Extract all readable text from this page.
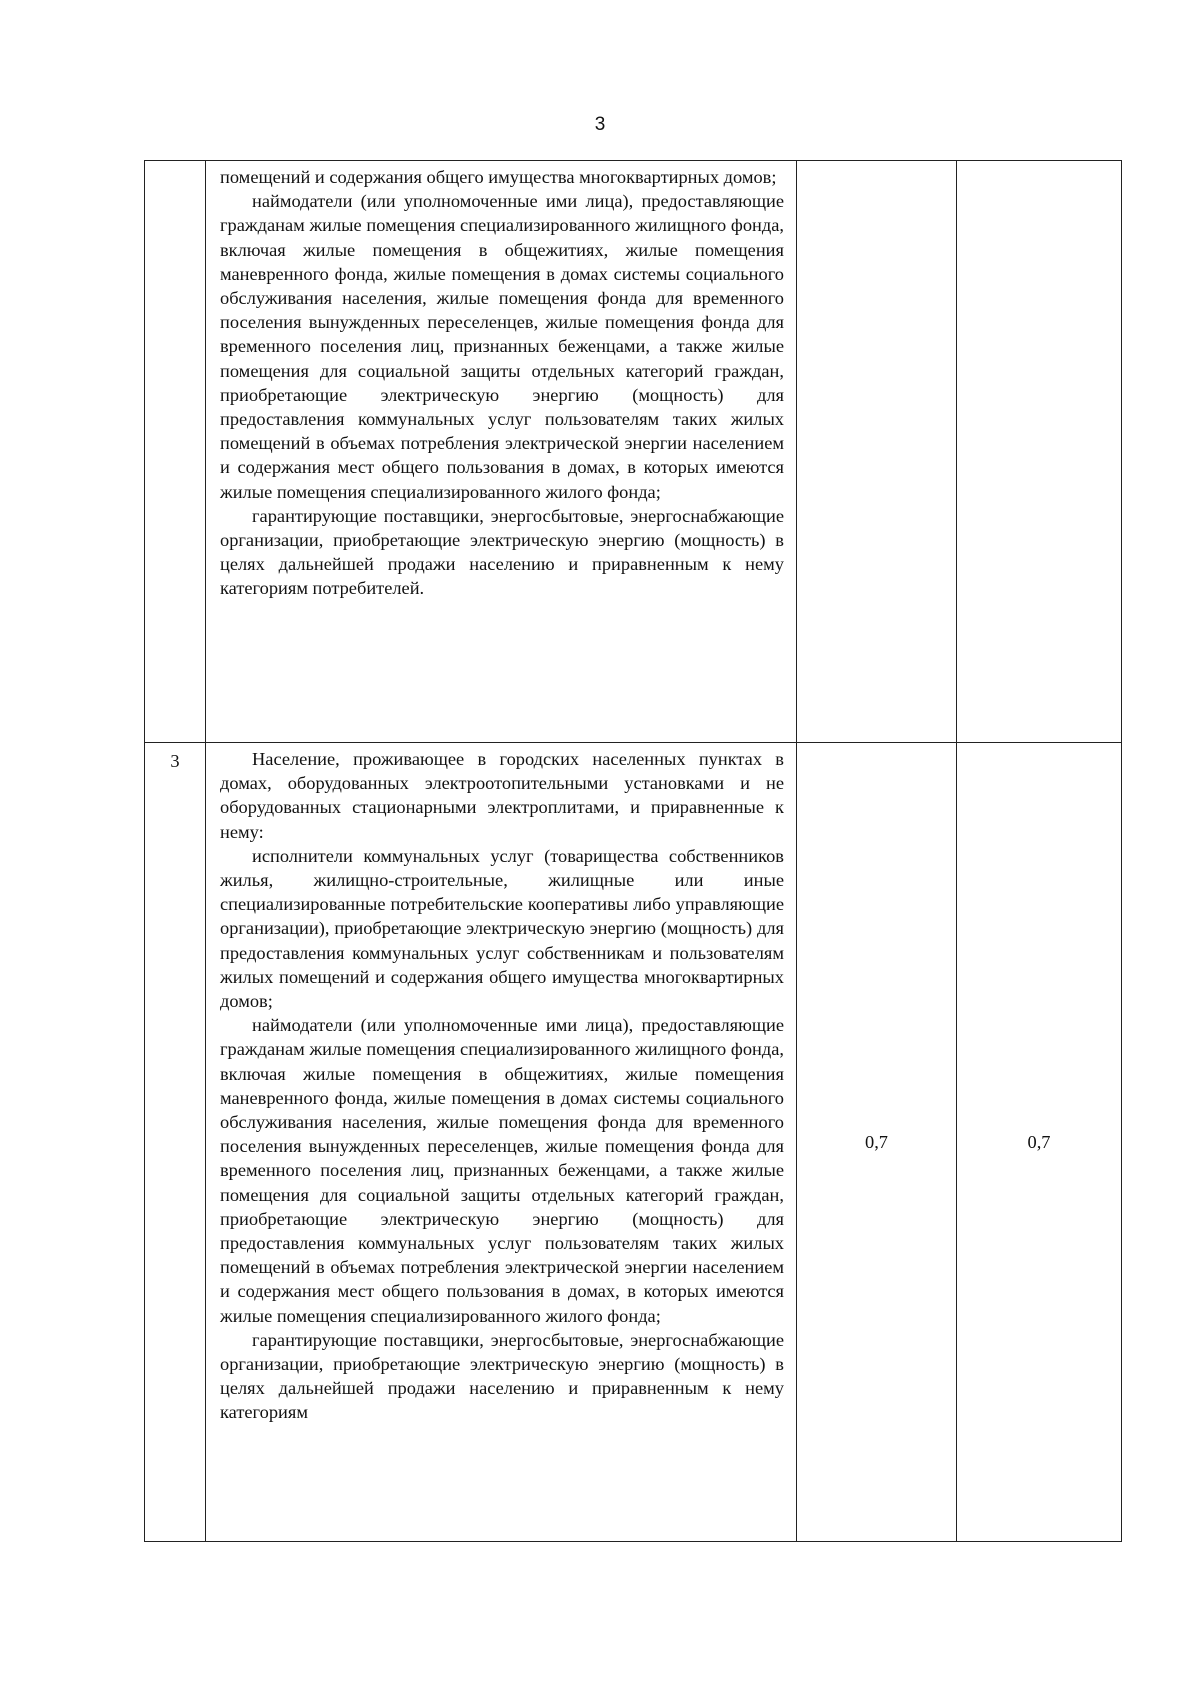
3

	помещений и содержания общего имущества многоквартирных домов;

наймодатели (или уполномоченные ими лица), предоставляющие гражданам жилые помещения специализированного жилищного фонда, включая жилые помещения в общежитиях, жилые помещения маневренного фонда, жилые помещения в домах системы социального обслуживания населения, жилые помещения фонда для временного поселения вынужденных переселенцев, жилые помещения фонда для временного поселения лиц, признанных беженцами, а также жилые помещения для социальной защиты отдельных категорий граждан, приобретающие электрическую энергию (мощность) для предоставления коммунальных услуг пользователям таких жилых помещений в объемах потребления электрической энергии населением и содержания мест общего пользования в домах, в которых имеются жилые помещения специализированного жилого фонда;

гарантирующие поставщики, энергосбытовые, энергоснабжающие организации, приобретающие электрическую энергию (мощность) в целях дальнейшей продажи населению и приравненным к нему категориям потребителей.		

3	Население, проживающее в городских населенных пунктах в домах, оборудованных электроотопительными установками и не оборудованных стационарными электроплитами, и приравненные к нему:

исполнители коммунальных услуг (товарищества собственников жилья, жилищно-строительные, жилищные или иные специализированные потребительские кооперативы либо управляющие организации), приобретающие электрическую энергию (мощность) для предоставления коммунальных услуг собственникам и пользователям жилых помещений и содержания общего имущества многоквартирных домов;

наймодатели (или уполномоченные ими лица), предоставляющие гражданам жилые помещения специализированного жилищного фонда, включая жилые помещения в общежитиях, жилые помещения маневренного фонда, жилые помещения в домах системы социального обслуживания населения, жилые помещения фонда для временного поселения вынужденных переселенцев, жилые помещения фонда для временного поселения лиц, признанных беженцами, а также жилые помещения для социальной защиты отдельных категорий граждан, приобретающие электрическую энергию (мощность) для предоставления коммунальных услуг пользователям таких жилых помещений в объемах потребления электрической энергии населением и содержания мест общего пользования в домах, в которых имеются жилые помещения специализированного жилого фонда;

гарантирующие поставщики, энергосбытовые, энергоснабжающие организации, приобретающие электрическую энергию (мощность) в целях дальнейшей продажи населению и приравненным к нему категориям	0,7	0,7
